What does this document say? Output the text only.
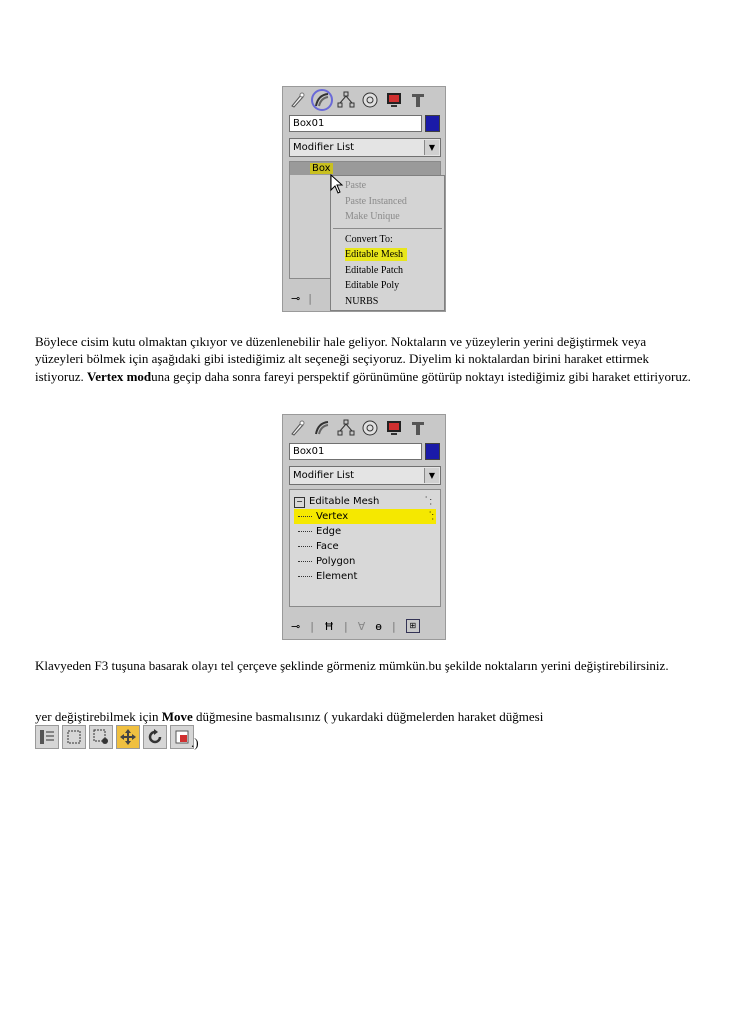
Box01
Modifier List	▼
Box
⊸ |
Paste
Paste Instanced
Make Unique
Convert To:
Editable Mesh
Editable Patch
Editable Poly
NURBS

Böylece cisim kutu olmaktan çıkıyor ve düzenlenebilir hale geliyor. Noktaların ve yüzeylerin yerini değiştirmek veya yüzeyleri bölmek için aşağıdaki gibi istediğimiz alt seçeneği seçiyoruz. Diyelim ki noktalardan birini haraket ettirmek istiyoruz. Vertex moduna geçip daha sonra fareyi perspektif görünümüne götürüp noktayı istediğimiz gibi haraket ettiriyoruz.

Box01
Modifier List	▼
− Editable Mesh	·.
·
Vertex	·.
·
Edge
Face
Polygon
Element
⊸ | Ħ | ∀ ɵ |	⊞

Klavyeden F3 tuşuna basarak olayı tel çerçeve şeklinde görmeniz mümkün.bu şekilde noktaların yerini değiştirebilirsiniz.

yer değiştirebilmek için Move düğmesine basmalısınız ( yukardaki düğmelerden haraket düğmesi

.)
